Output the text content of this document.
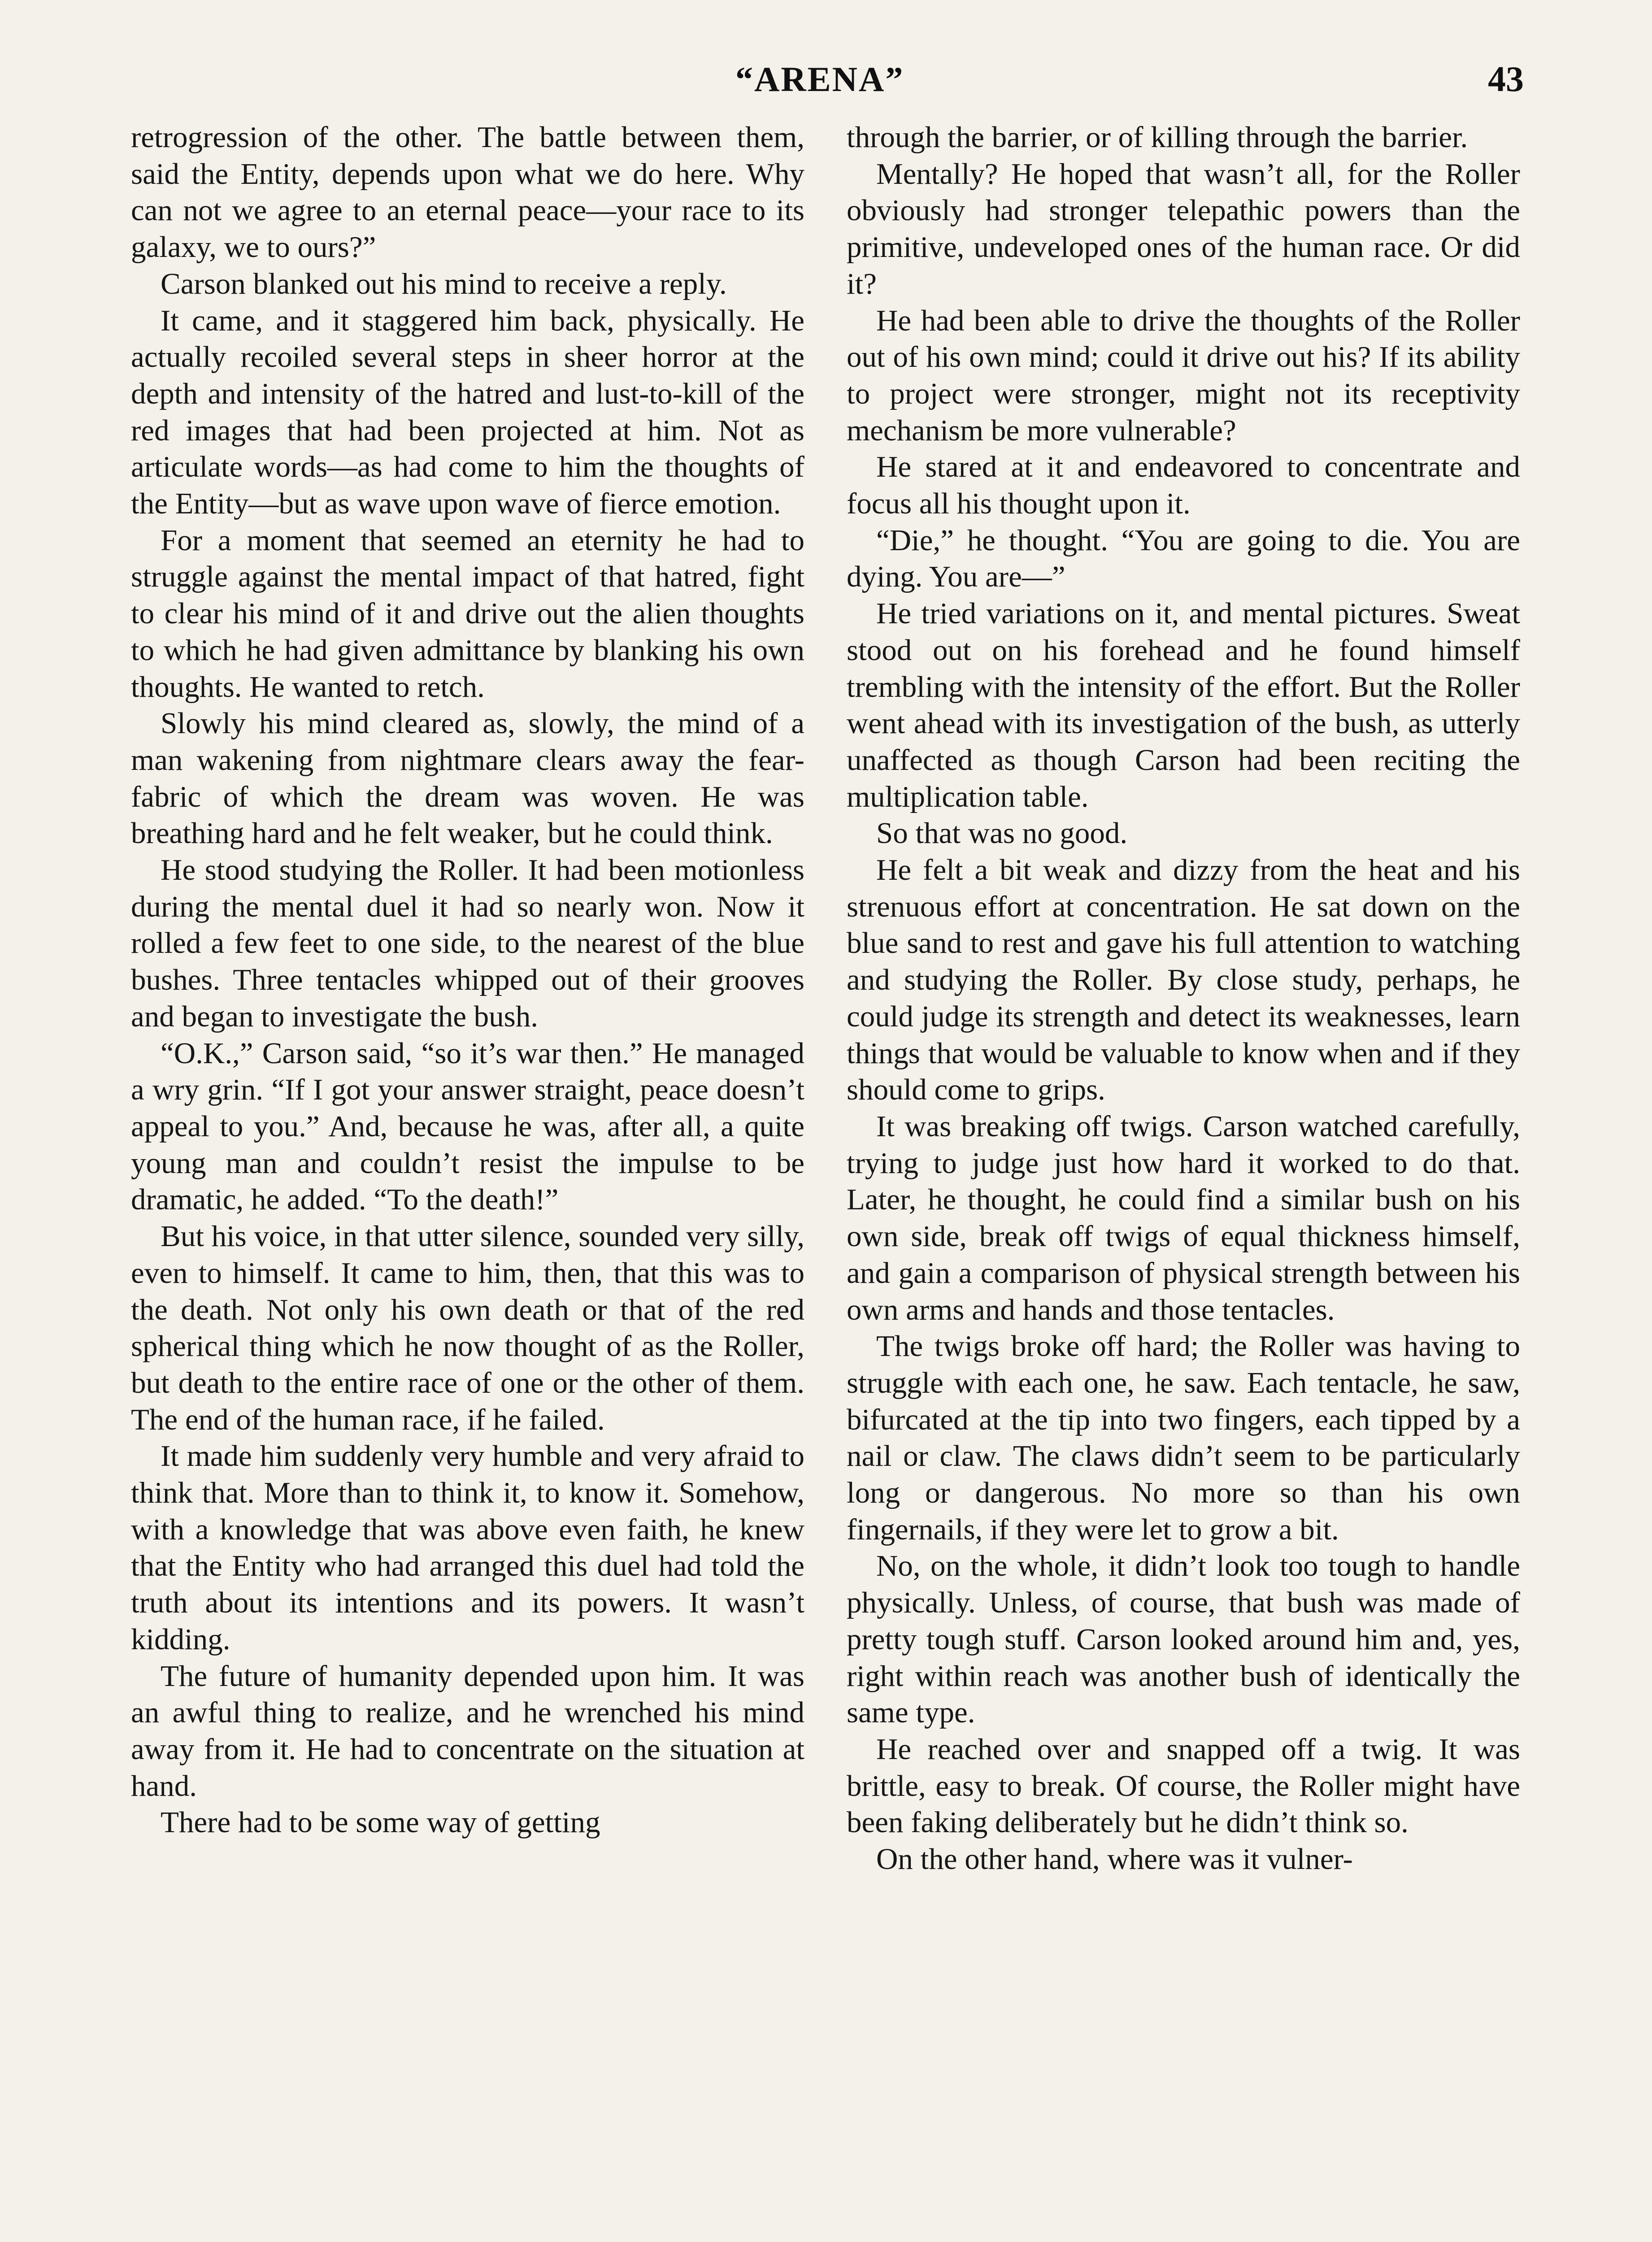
“ARENA”	43

retrogression of the other. The battle between them, said the Entity, depends upon what we do here. Why can not we agree to an eternal peace—your race to its galaxy, we to ours?”

Carson blanked out his mind to receive a reply.

It came, and it staggered him back, physically. He actually recoiled several steps in sheer horror at the depth and intensity of the hatred and lust-to-kill of the red images that had been projected at him. Not as articulate words—as had come to him the thoughts of the Entity—but as wave upon wave of fierce emotion.

For a moment that seemed an eternity he had to struggle against the mental impact of that hatred, fight to clear his mind of it and drive out the alien thoughts to which he had given admittance by blanking his own thoughts. He wanted to retch.

Slowly his mind cleared as, slowly, the mind of a man wakening from nightmare clears away the fear-fabric of which the dream was woven. He was breathing hard and he felt weaker, but he could think.

He stood studying the Roller. It had been motionless during the mental duel it had so nearly won. Now it rolled a few feet to one side, to the nearest of the blue bushes. Three tentacles whipped out of their grooves and began to investigate the bush.

“O.K.,” Carson said, “so it’s war then.” He managed a wry grin. “If I got your answer straight, peace doesn’t appeal to you.” And, because he was, after all, a quite young man and couldn’t resist the impulse to be dramatic, he added. “To the death!”

But his voice, in that utter silence, sounded very silly, even to himself. It came to him, then, that this was to the death. Not only his own death or that of the red spherical thing which he now thought of as the Roller, but death to the entire race of one or the other of them. The end of the human race, if he failed.

It made him suddenly very humble and very afraid to think that. More than to think it, to know it. Somehow, with a knowledge that was above even faith, he knew that the Entity who had arranged this duel had told the truth about its intentions and its powers. It wasn’t kidding.

The future of humanity depended upon him. It was an awful thing to realize, and he wrenched his mind away from it. He had to concentrate on the situation at hand.

There had to be some way of getting

through the barrier, or of killing through the barrier.

Mentally? He hoped that wasn’t all, for the Roller obviously had stronger telepathic powers than the primitive, undeveloped ones of the human race. Or did it?

He had been able to drive the thoughts of the Roller out of his own mind; could it drive out his? If its ability to project were stronger, might not its receptivity mechanism be more vulnerable?

He stared at it and endeavored to concentrate and focus all his thought upon it.

“Die,” he thought. “You are going to die. You are dying. You are—”

He tried variations on it, and mental pictures. Sweat stood out on his forehead and he found himself trembling with the intensity of the effort. But the Roller went ahead with its investigation of the bush, as utterly unaffected as though Carson had been reciting the multiplication table.

So that was no good.

He felt a bit weak and dizzy from the heat and his strenuous effort at concentration. He sat down on the blue sand to rest and gave his full attention to watching and studying the Roller. By close study, perhaps, he could judge its strength and detect its weaknesses, learn things that would be valuable to know when and if they should come to grips.

It was breaking off twigs. Carson watched carefully, trying to judge just how hard it worked to do that. Later, he thought, he could find a similar bush on his own side, break off twigs of equal thickness himself, and gain a comparison of physical strength between his own arms and hands and those tentacles.

The twigs broke off hard; the Roller was having to struggle with each one, he saw. Each tentacle, he saw, bifurcated at the tip into two fingers, each tipped by a nail or claw. The claws didn’t seem to be particularly long or dangerous. No more so than his own fingernails, if they were let to grow a bit.

No, on the whole, it didn’t look too tough to handle physically. Unless, of course, that bush was made of pretty tough stuff. Carson looked around him and, yes, right within reach was another bush of identically the same type.

He reached over and snapped off a twig. It was brittle, easy to break. Of course, the Roller might have been faking deliberately but he didn’t think so.

On the other hand, where was it vulner-
